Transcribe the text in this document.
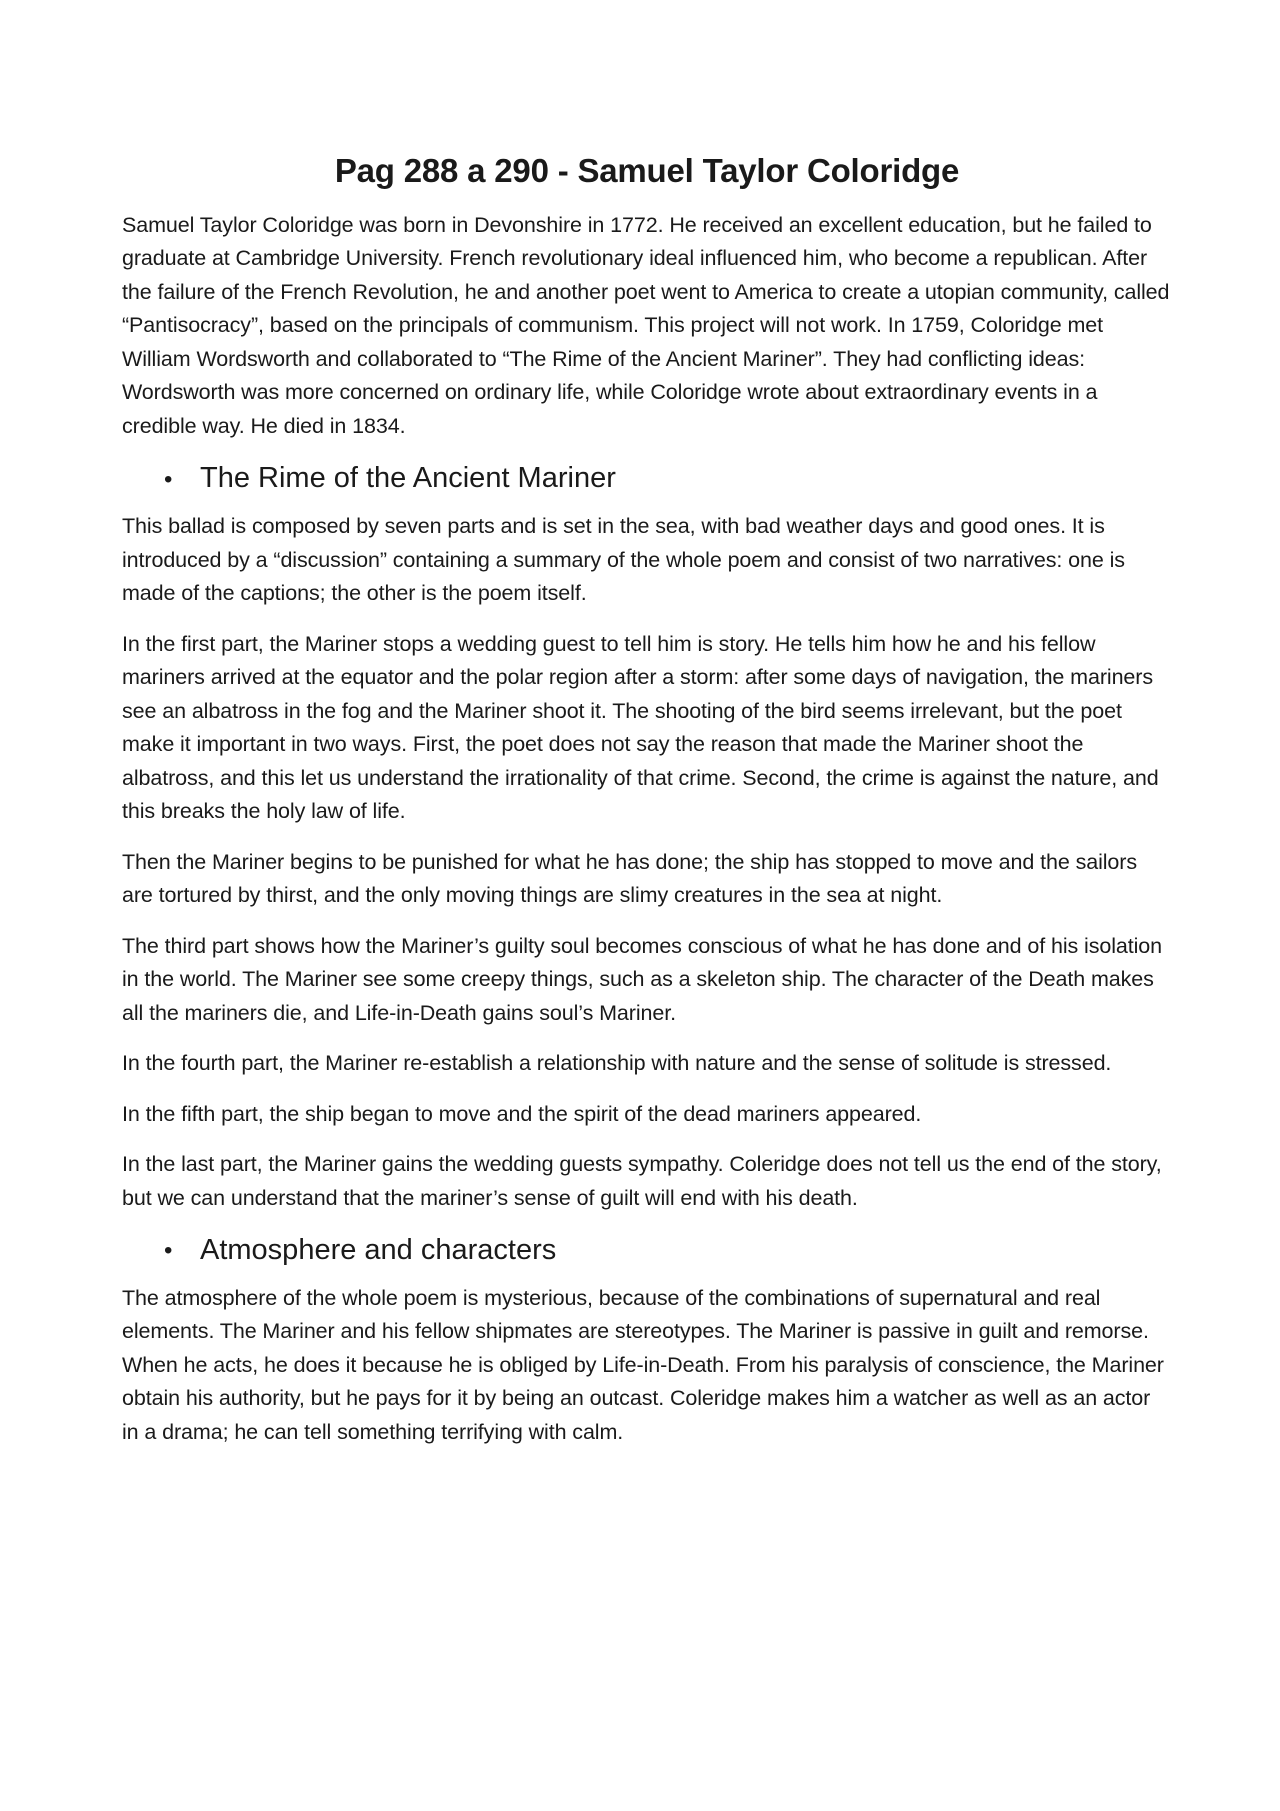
Pag 288 a 290 - Samuel Taylor Coloridge

Samuel Taylor Coloridge was born in Devonshire in 1772. He received an excellent education, but he failed to graduate at Cambridge University. French revolutionary ideal influenced him, who become a republican. After the failure of the French Revolution, he and another poet went to America to create a utopian community, called “Pantisocracy”, based on the principals of communism. This project will not work. In 1759, Coloridge met William Wordsworth and collaborated to “The Rime of the Ancient Mariner”. They had conflicting ideas: Wordsworth was more concerned on ordinary life, while Coloridge wrote about extraordinary events in a credible way. He died in 1834.

• The Rime of the Ancient Mariner

This ballad is composed by seven parts and is set in the sea, with bad weather days and good ones. It is introduced by a “discussion” containing a summary of the whole poem and consist of two narratives: one is made of the captions; the other is the poem itself.

In the first part, the Mariner stops a wedding guest to tell him is story. He tells him how he and his fellow mariners arrived at the equator and the polar region after a storm: after some days of navigation, the mariners see an albatross in the fog and the Mariner shoot it. The shooting of the bird seems irrelevant, but the poet make it important in two ways. First, the poet does not say the reason that made the Mariner shoot the albatross, and this let us understand the irrationality of that crime. Second, the crime is against the nature, and this breaks the holy law of life.

Then the Mariner begins to be punished for what he has done; the ship has stopped to move and the sailors are tortured by thirst, and the only moving things are slimy creatures in the sea at night.

The third part shows how the Mariner’s guilty soul becomes conscious of what he has done and of his isolation in the world. The Mariner see some creepy things, such as a skeleton ship. The character of the Death makes all the mariners die, and Life-in-Death gains soul’s Mariner.

In the fourth part, the Mariner re-establish a relationship with nature and the sense of solitude is stressed.

In the fifth part, the ship began to move and the spirit of the dead mariners appeared.

In the last part, the Mariner gains the wedding guests sympathy. Coleridge does not tell us the end of the story, but we can understand that the mariner’s sense of guilt will end with his death.

• Atmosphere and characters

The atmosphere of the whole poem is mysterious, because of the combinations of supernatural and real elements. The Mariner and his fellow shipmates are stereotypes. The Mariner is passive in guilt and remorse. When he acts, he does it because he is obliged by Life-in-Death. From his paralysis of conscience, the Mariner obtain his authority, but he pays for it by being an outcast. Coleridge makes him a watcher as well as an actor in a drama; he can tell something terrifying with calm.
